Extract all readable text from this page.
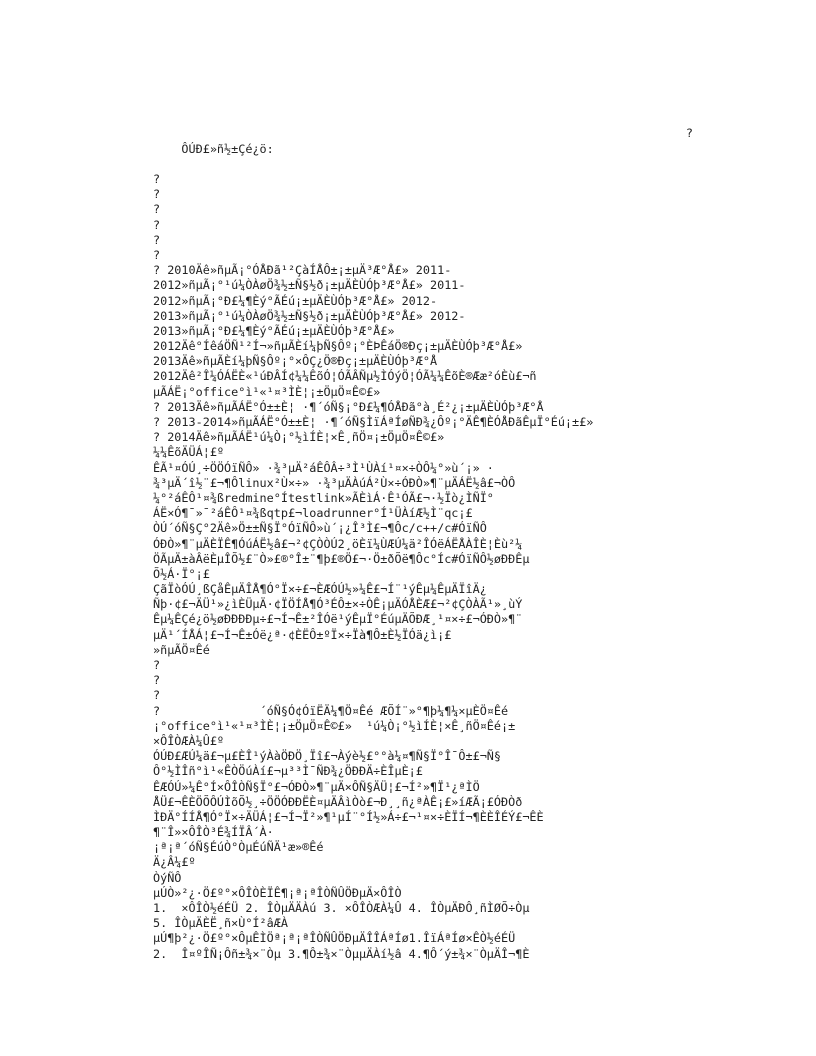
ÔÚÐ£»ñ½±Çé¿ö:

?

?
?
?
?
?
?
? 2010Äê»ñµÃ¡°ÓÅÐã¹²ÇàÍÅÔ±¡±µÄ³Æ°Å£» 2011-
2012»ñµÃ¡°¹ú¼ÒÀøÖ¾½±Ñ§½ð¡±µÄÈÙÓþ³Æ°Å£» 2011-
2012»ñµÃ¡°Ð£¼¶Èý°ÃÉú¡±µÄÈÙÓþ³Æ°Å£» 2012-
2013»ñµÃ¡°¹ú¼ÒÀøÖ¾½±Ñ§½ð¡±µÄÈÙÓþ³Æ°Å£» 2012-
2013»ñµÃ¡°Ð£¼¶Èý°ÃÉú¡±µÄÈÙÓþ³Æ°Å£»
2012Äê°ÍêáÖÑ¹²Í¬»ñµÃÈí¼þÑ§Ôº¡°ÈÞÊáÖ®Ðç¡±µÄÈÙÓþ³Æ°Å£»
2013Äê»ñµÃÈí¼þÑ§Ôº¡°×ÔÇ¿Ö®Ðç¡±µÄÈÙÓþ³Æ°Å
2012Äê²Î¼ÓÁËÈ«¹úÐÂÍ¢¼¼ÊõÓ¦ÓÃÂÑµ½ÌÓýÖ¦ÓÃ¼¼ÊõÈ®Ææ²óÈù£¬ñ
µÃÁË¡°office°ì¹«¹¤³ÌÈ¦¡±ÖµÖ¤Ê©£»
? 2013Äê»ñµÃÁË°Ó±±È¦ ·¶´óÑ§¡°Ð£¼¶ÓÅÐã°à¸É²¿¡±µÄÈÙÓþ³Æ°Å
? 2013-2014»ñµÃÁË°Ó±±È¦ ·¶´óÑ§ÌïÁªÍøÑÐ¾¿Ôº¡°ÄÊ¶ÈÓÅÐãÊµÏ°Éú¡±£»
? 2014Äê»ñµÃÁË¹ú¼Ò¡°½ìÍÈ¦×Ê¸ñÖ¤¡±ÖµÖ¤Ê©£»
¼¼ÊõÄÜÁ¦£º
ÊÃ¹¤ÓÚ¸÷ÖÖÓïÑÔ» ·¾³µÄ²áÊÔÂ÷³Ì¹ÙÀí¹¤×÷ÒÔ¼°»ù´¡» ·
¾³µÄ´î½¨£¬¶Ôlinux²Ù×÷» ·¾³µÄÀúÁ²Ù×÷ÓÐÒ»¶¨µÄÁË½â£¬ÒÔ
¼°²áÊÔ¹¤¾ßredmine°Ítestlink»ÃÈìÁ·Ê¹ÓÃ£¬·½Ïò¿ÌÑÏ°
ÁË×Ó¶¯»¯²áÊÔ¹¤¾ßqtp£¬loadrunner°Í¹ÜÀíÆ½Ì¨qc¡£
ÒÚ´óÑ§Ç°2Äê»Ö±±Ñ§Ï°ÓïÑÔ»ù´¡¿Î³Ì£¬¶Ôc/c++/c#ÓïÑÔ
ÓÐÒ»¶¨µÄÈÏÊ¶ÓúÁË½â£¬²¢ÇÒÒÚ2¸öÈï¼ÙÆÚ¼ä²ÎÓëÁËÅÀÎÈ¦Èù²¼
ÖÃµÄ±àÂëÈµÎÕ½£¨Ò»£®°Î±¨¶þ£®Ö£¬·Ö±ðÕë¶Ôc°Íc#ÓïÑÔ½øÐÐÊµ
Õ½Á·Ï°¡£
ÇãÏòÓÚ¸ßÇåÊµÄÎÅ¶Ó°Ï×÷£¬ÈÆÓÚ½»¼Ê£¬Í¨¹ýÊµ¼ÊµÄÏîÄ¿
Ñþ·¢£¬ÄÜ¹»¿ìÈÜµÄ·¢ÏÖÍÅ¶Ó³ÉÔ±×÷ÒÊ¡µÄÓÅÈÆ£¬²¢ÇÒÀÃ¹»¸ùÝ
Êµ¼ÊÇé¿ö½øÐÐÐÐµ÷£¬Í¬Ê±²ÎÓë¹ýÊµÏ°ÉúµÄÕÐÆ¸¹¤×÷£¬ÓÐÒ»¶¨
µÄ¹´ÍÅÁ¦£¬Í¬Ê±Óë¿ª·¢ÈËÔ±ºÏ×÷Ïà¶Ô±È½ÏÓä¿ì¡£
»ñµÃÖ¤Êé
?
?
?
?              ´óÑ§Ó¢ÓïËÄ¼¶Ö¤Êé ÆÕÍ¨»°¶þ¼¶¼×µÈÖ¤Êé
¡°office°ì¹«¹¤³ÌÈ¦¡±ÖµÖ¤Ê©£»  ¹ú¼Ò¡°½ìÍÈ¦×Ê¸ñÖ¤Êé¡±
×ÔÎÒÆÀ¼Û£º
ÓÚÐ£ÆÚ¼ä£¬µ£ÈÎ¹ýÀàÖÐÖ¸Ïî£¬Àýè½£°°à¼¤¶Ñ§Ï°Î¯Ô±£¬Ñ§
Ô°½ÌÎñ°ì¹«ÊÒÖúÀí£¬µ³³Ì¯ÑÐ¾¿ÖÐÐÄ÷ÈÎµÈ¡£
ÊÆÓÚ»¼Ê°Í×ÔÎÒÑ§Ï°£¬ÓÐÒ»¶¨µÄ×ÔÑ§ÄÜ¦£¬Í²»¶Ï¹¿ªÌÖ
ÅÜ£¬ÊÈÖÕÔÚÌõÕ½¸÷ÖÖÓÐÐËÈ¤µÄÂìÒò£¬Ð¸¸ñ¿ªÀÊ¡£»íÆÃ¡£ÓÐÒð
ÌÐÄ°ÍÍÅ¶Ó°Ï×÷ÄÜÁ¦£¬Í¬Ï²»¶¹µÍ¨°Í½»Á÷£¬¹¤×÷ÈÏÍ¬¶ÈÈÎÉÝ£¬ÊÈ
¶¨Î»×ÔÎÒ³É¾ÍÏÂ´À·
¡ª¡ª´óÑ§ÉúÒ°ÒµÉúÑÄ¹æ»®Êé
Ä¿Â¼£º
ÒýÑÔ
µÚÒ»²¿·Ö£º°×ÔÎÒÈÏÊ¶¡ª¡ªÎÒÑÛÖÐµÄ×ÔÎÒ
1.  ×ÔÎÒ½éÉÜ 2. ÎÒµÄÄÀú 3. ×ÔÎÒÆÀ¼Û 4. ÎÒµÄÐÔ¸ñÌØÕ÷Òµ
5. ÎÒµÄÈË¸ñ×Ù°Í²âÆÀ
µÚ¶þ²¿·Ö£º°×ÔµÊÌÖª¡ª¡ªÎÒÑÛÖÐµÄÎÎÁªÍø1.ÎïÁªÍø×ÊÒ½éÉÜ
2.  Î¤ºÎÑ¡Ôñ±¾×¨Òµ 3.¶Ô±¾×¨ÒµµÄÀí½â 4.¶Ô´ý±¾×¨ÒµÄÎ¬¶È
